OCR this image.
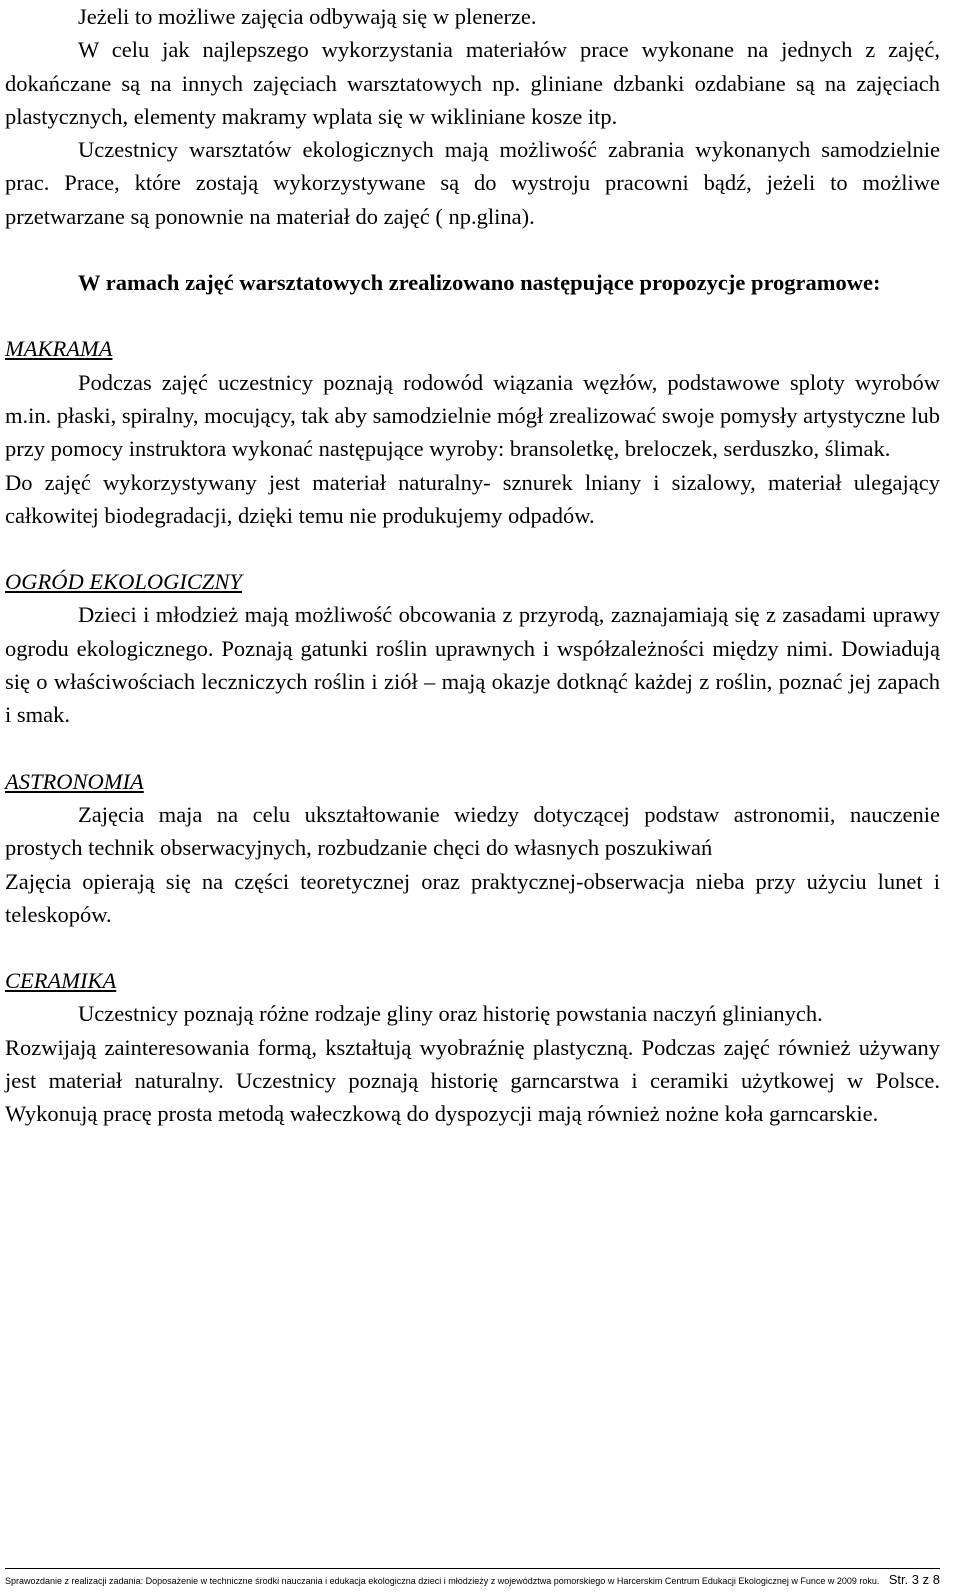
Jeżeli to możliwe zajęcia odbywają się w plenerze.

W celu jak najlepszego wykorzystania materiałów prace wykonane na jednych z zajęć, dokańczane są na innych zajęciach warsztatowych np. gliniane dzbanki ozdabiane są na zajęciach plastycznych, elementy makramy wplata się w wikliniane kosze itp.

Uczestnicy warsztatów ekologicznych mają możliwość zabrania wykonanych samodzielnie prac. Prace, które zostają wykorzystywane są do wystroju pracowni bądź, jeżeli to możliwe przetwarzane są ponownie na materiał do zajęć ( np.glina).

W ramach zajęć warsztatowych zrealizowano następujące propozycje programowe:

MAKRAMA

Podczas zajęć uczestnicy poznają rodowód wiązania węzłów, podstawowe sploty wyrobów m.in. płaski, spiralny, mocujący, tak aby samodzielnie mógł zrealizować swoje pomysły artystyczne lub przy pomocy instruktora wykonać następujące wyroby: bransoletkę, breloczek, serduszko, ślimak.

Do zajęć wykorzystywany jest materiał naturalny- sznurek lniany i sizalowy, materiał ulegający całkowitej biodegradacji, dzięki temu nie produkujemy odpadów.

OGRÓD EKOLOGICZNY

Dzieci i młodzież mają możliwość obcowania z przyrodą, zaznajamiają się z zasadami uprawy ogrodu ekologicznego. Poznają gatunki roślin uprawnych i współzależności między nimi. Dowiadują się o właściwościach leczniczych roślin i ziół – mają okazje dotknąć każdej z roślin, poznać jej zapach i smak.

ASTRONOMIA

Zajęcia maja na celu ukształtowanie wiedzy dotyczącej podstaw astronomii, nauczenie prostych technik obserwacyjnych, rozbudzanie chęci do własnych poszukiwań

Zajęcia opierają się na części teoretycznej oraz praktycznej-obserwacja nieba przy użyciu lunet i teleskopów.

CERAMIKA

Uczestnicy poznają różne rodzaje gliny oraz historię powstania naczyń glinianych.

Rozwijają zainteresowania formą, kształtują wyobraźnię plastyczną. Podczas zajęć również używany jest materiał naturalny. Uczestnicy poznają historię garncarstwa i ceramiki użytkowej w Polsce. Wykonują pracę prosta metodą wałeczkową do dyspozycji mają również nożne koła garncarskie.

Sprawozdanie z realizacji zadania: Doposażenie w techniczne środki nauczania i edukacja ekologiczna dzieci i młodzieży z województwa pomorskiego w Harcerskim Centrum Edukacji Ekologicznej w Funce w 2009 roku. Str. 3 z 8
